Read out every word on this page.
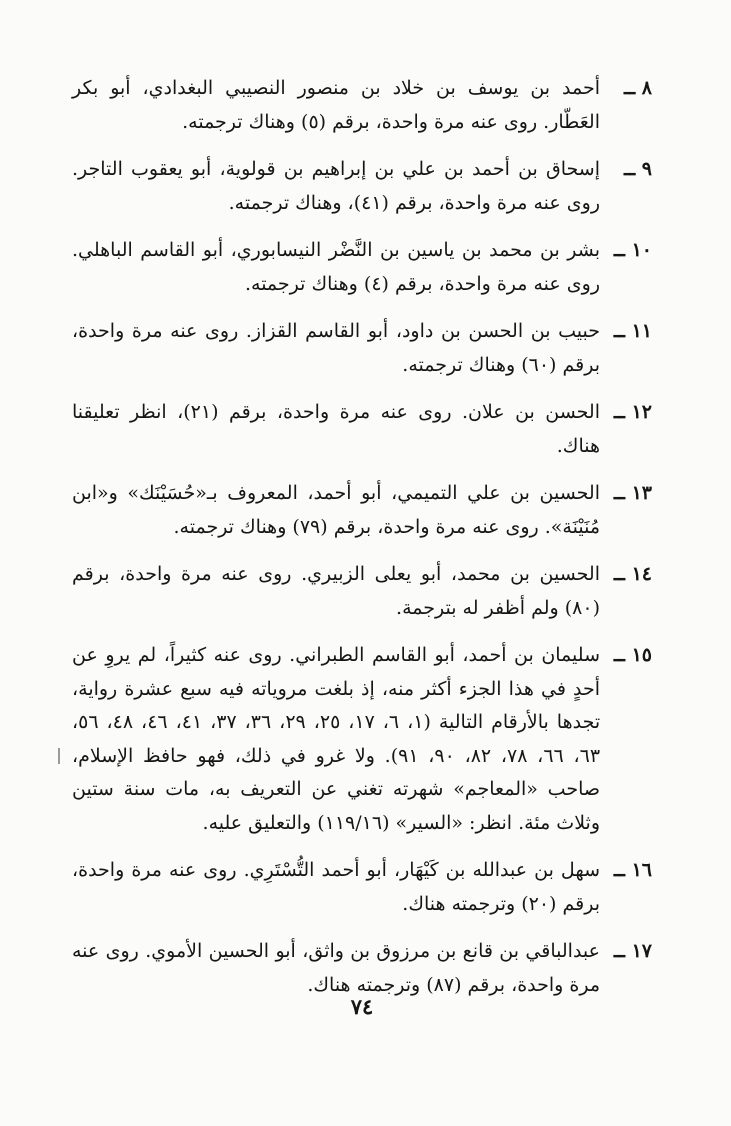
٨ ــ
أحمد بن يوسف بن خلاد بن منصور النصيبي البغدادي، أبو بكر العَطّار. روى عنه مرة واحدة، برقم (٥) وهناك ترجمته.
٩ ــ
إسحاق بن أحمد بن علي بن إبراهيم بن قولوية، أبو يعقوب التاجر. روى عنه مرة واحدة، برقم (٤١)، وهناك ترجمته.
١٠ ــ
بشر بن محمد بن ياسين بن النَّضْر النيسابوري، أبو القاسم الباهلي. روى عنه مرة واحدة، برقم (٤) وهناك ترجمته.
١١ ــ
حبيب بن الحسن بن داود، أبو القاسم القزاز. روى عنه مرة واحدة، برقم (٦٠) وهناك ترجمته.
١٢ ــ
الحسن بن علان. روى عنه مرة واحدة، برقم (٢١)، انظر تعليقنا هناك.
١٣ ــ
الحسين بن علي التميمي، أبو أحمد، المعروف بـ«حُسَيْنَك» و«ابن مُنَيْنَة». روى عنه مرة واحدة، برقم (٧٩) وهناك ترجمته.
١٤ ــ
الحسين بن محمد، أبو يعلى الزبيري. روى عنه مرة واحدة، برقم (٨٠) ولم أظفر له بترجمة.
١٥ ــ
سليمان بن أحمد، أبو القاسم الطبراني. روى عنه كثيراً، لم يروِ عن أحدٍ في هذا الجزء أكثر منه، إذ بلغت مروياته فيه سبع عشرة رواية، تجدها بالأرقام التالية (١، ٦، ١٧، ٢٥، ٢٩، ٣٦، ٣٧، ٤١، ٤٦، ٤٨، ٥٦، ٦٣، ٦٦، ٧٨، ٨٢، ٩٠، ٩١). ولا غرو في ذلك، فهو حافظ الإسلام، صاحب «المعاجم» شهرته تغني عن التعريف به، مات سنة ستين وثلاث مئة. انظر: «السير» (١١٩/١٦) والتعليق عليه.
١٦ ــ
سهل بن عبدالله بن كَيْهَار، أبو أحمد التُّسْتَرِي. روى عنه مرة واحدة، برقم (٢٠) وترجمته هناك.
١٧ ــ
عبدالباقي بن قانع بن مرزوق بن واثق، أبو الحسين الأموي. روى عنه مرة واحدة، برقم (٨٧) وترجمته هناك.
٧٤
